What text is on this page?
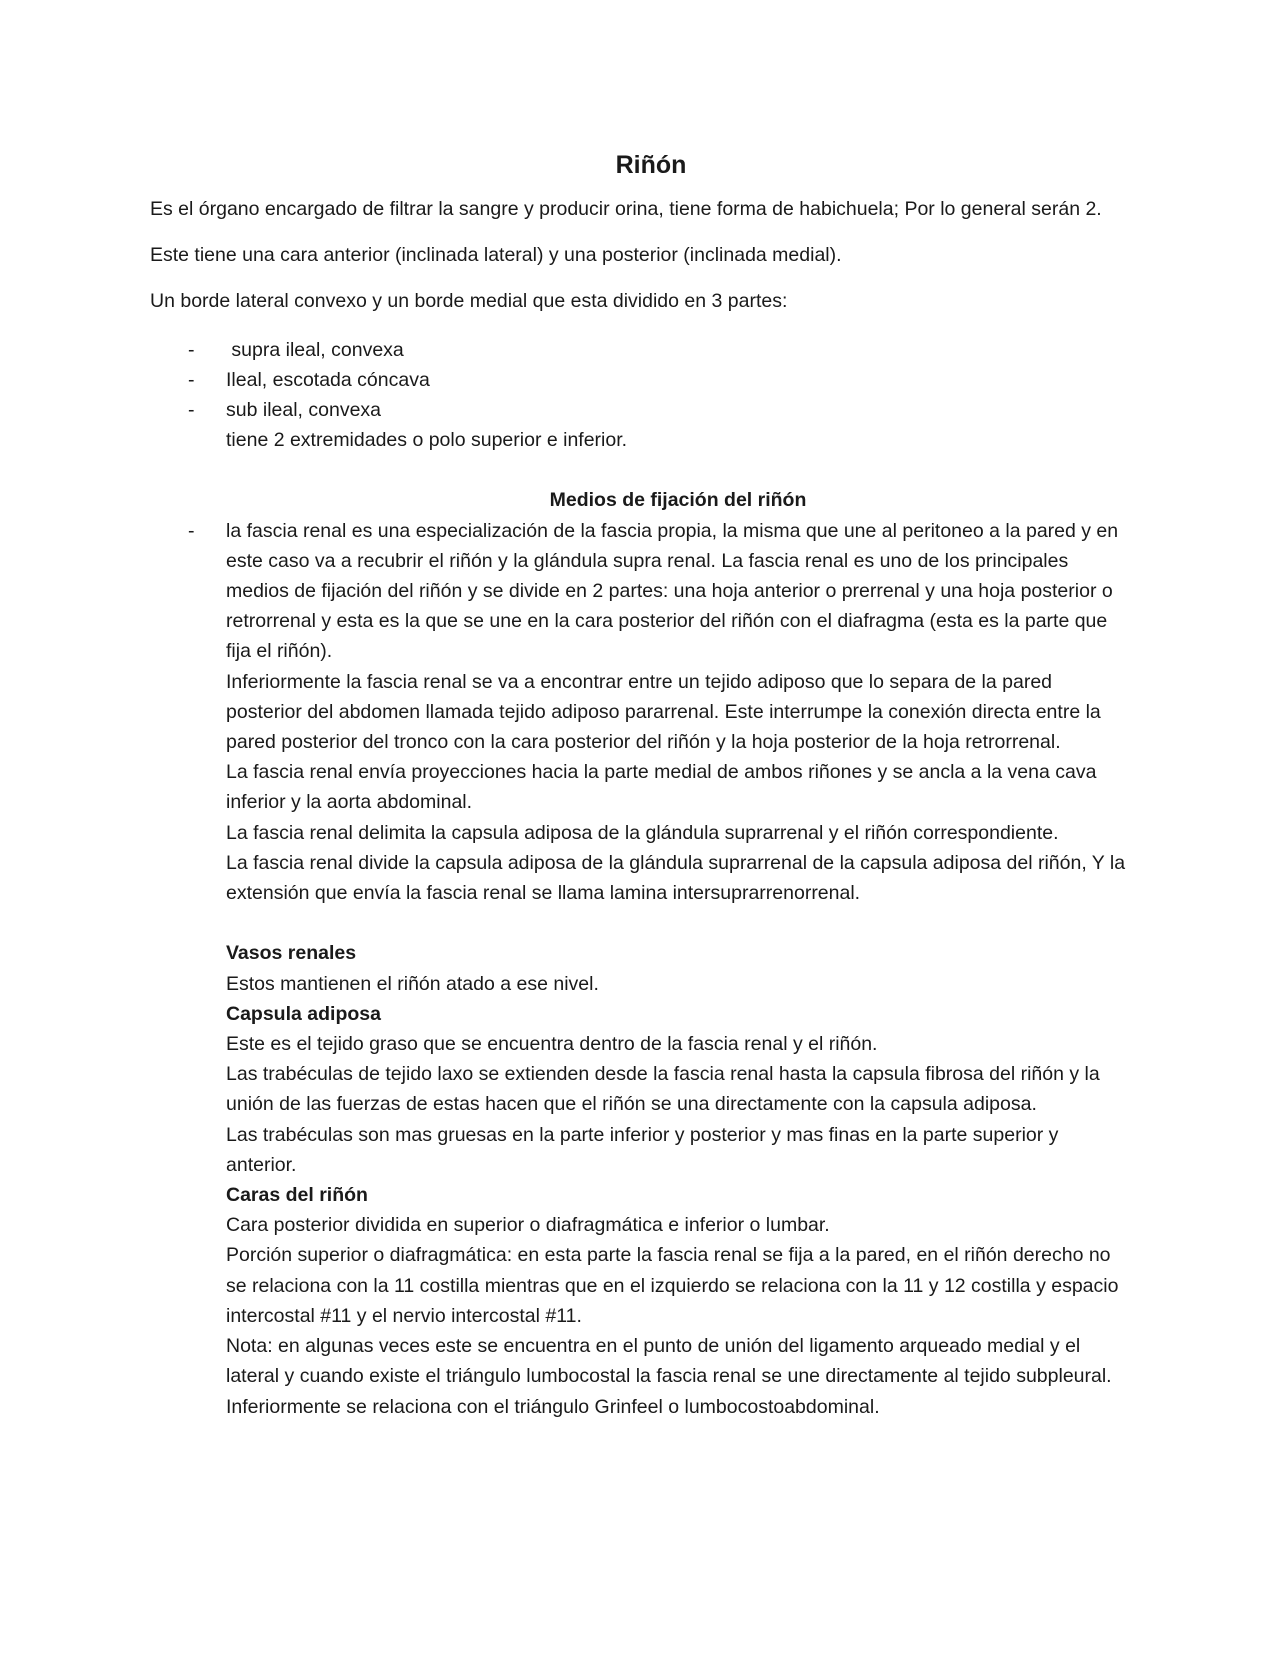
Riñón

Es el órgano encargado de filtrar la sangre y producir orina, tiene forma de habichuela; Por lo general serán 2.

Este tiene una cara anterior (inclinada lateral) y una posterior (inclinada medial).

Un borde lateral convexo y un borde medial que esta dividido en 3 partes:

-  supra ileal, convexa
- Ileal, escotada cóncava
- sub ileal, convexa
tiene 2 extremidades o polo superior e inferior.
Medios de fijación del riñón
- la fascia renal es una especialización de la fascia propia, la misma que une al peritoneo a la pared y en este caso va a recubrir el riñón y la glándula supra renal. La fascia renal es uno de los principales medios de fijación del riñón y se divide en 2 partes: una hoja anterior o prerrenal y una hoja posterior o retrorrenal y esta es la que se une en la cara posterior del riñón con el diafragma (esta es la parte que fija el riñón).
Inferiormente la fascia renal se va a encontrar entre un tejido adiposo que lo separa de la pared posterior del abdomen llamada tejido adiposo pararrenal. Este interrumpe la conexión directa entre la pared posterior del tronco con la cara posterior del riñón y la hoja posterior de la hoja retrorrenal.
La fascia renal envía proyecciones hacia la parte medial de ambos riñones y se ancla a la vena cava inferior y la aorta abdominal.
La fascia renal delimita la capsula adiposa de la glándula suprarrenal y el riñón correspondiente.
La fascia renal divide la capsula adiposa de la glándula suprarrenal de la capsula adiposa del riñón, Y la extensión que envía la fascia renal se llama lamina intersuprarrenorrenal.
Vasos renales
Estos mantienen el riñón atado a ese nivel.
Capsula adiposa
Este es el tejido graso que se encuentra dentro de la fascia renal y el riñón.
Las trabéculas de tejido laxo se extienden desde la fascia renal hasta la capsula fibrosa del riñón y la unión de las fuerzas de estas hacen que el riñón se una directamente con la capsula adiposa.
Las trabéculas son mas gruesas en la parte inferior y posterior y mas finas en la parte superior y anterior.
Caras del riñón
Cara posterior dividida en superior o diafragmática e inferior o lumbar.
Porción superior o diafragmática: en esta parte la fascia renal se fija a la pared, en el riñón derecho no se relaciona con la 11 costilla mientras que en el izquierdo se relaciona con la 11 y 12 costilla y espacio intercostal #11 y el nervio intercostal #11.
Nota: en algunas veces este se encuentra en el punto de unión del ligamento arqueado medial y el lateral y cuando existe el triángulo lumbocostal la fascia renal se une directamente al tejido subpleural. Inferiormente se relaciona con el triángulo Grinfeel o lumbocostoabdominal.
